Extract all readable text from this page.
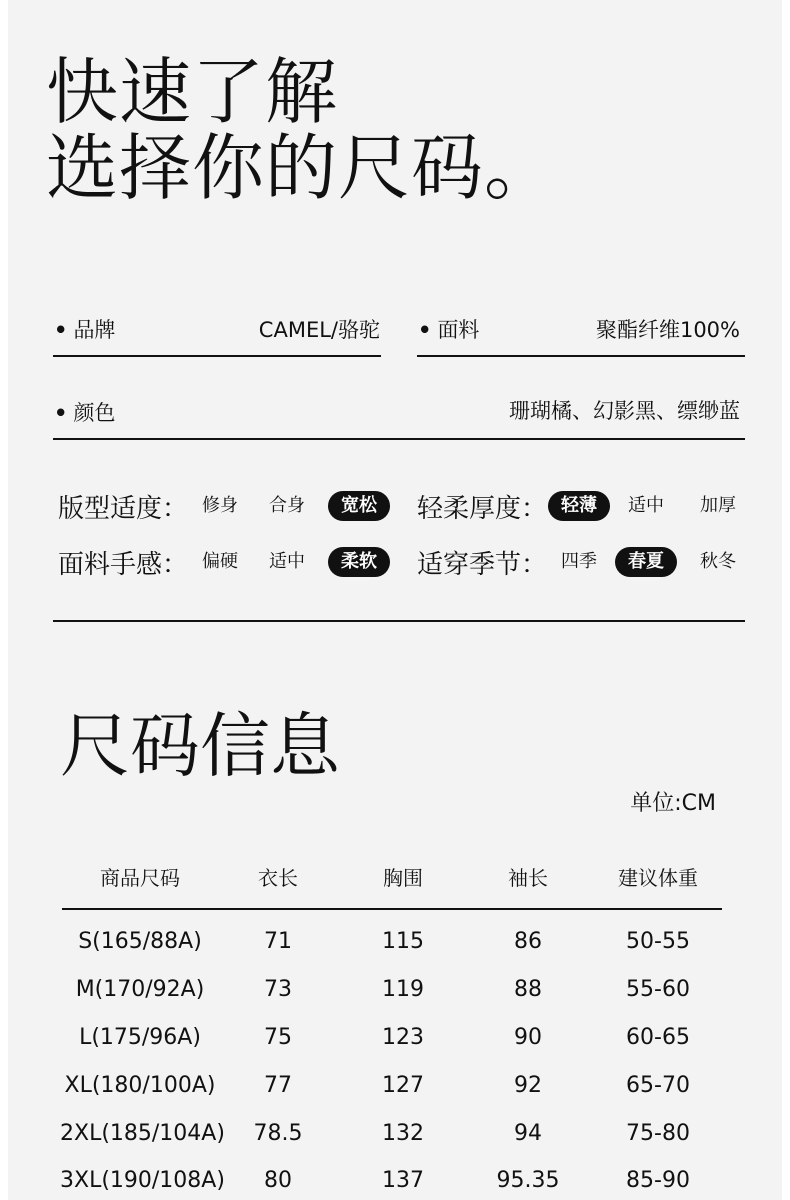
快速了解
选择你的尺码。
• 品牌	CAMEL/骆驼 • 面料	聚酯纤维100%
• 颜色	珊瑚橘、幻影黑、缥缈蓝
版型适度： 修身	合身	宽松	轻柔厚度： 轻薄	适中	加厚
面料手感： 偏硬	适中	柔软	适穿季节： 四季	春夏	秋冬
尺码信息
单位:CM
商品尺码	衣长	胸围	袖长	建议体重
S(165/88A)	71	115	86	50-55
M(170/92A)	73	119	88	55-60
L(175/96A)	75	123	90	60-65
XL(180/100A)	77	127	92	65-70
2XL(185/104A)	78.5	132	94	75-80
3XL(190/108A)	80	137	95.35	85-90
